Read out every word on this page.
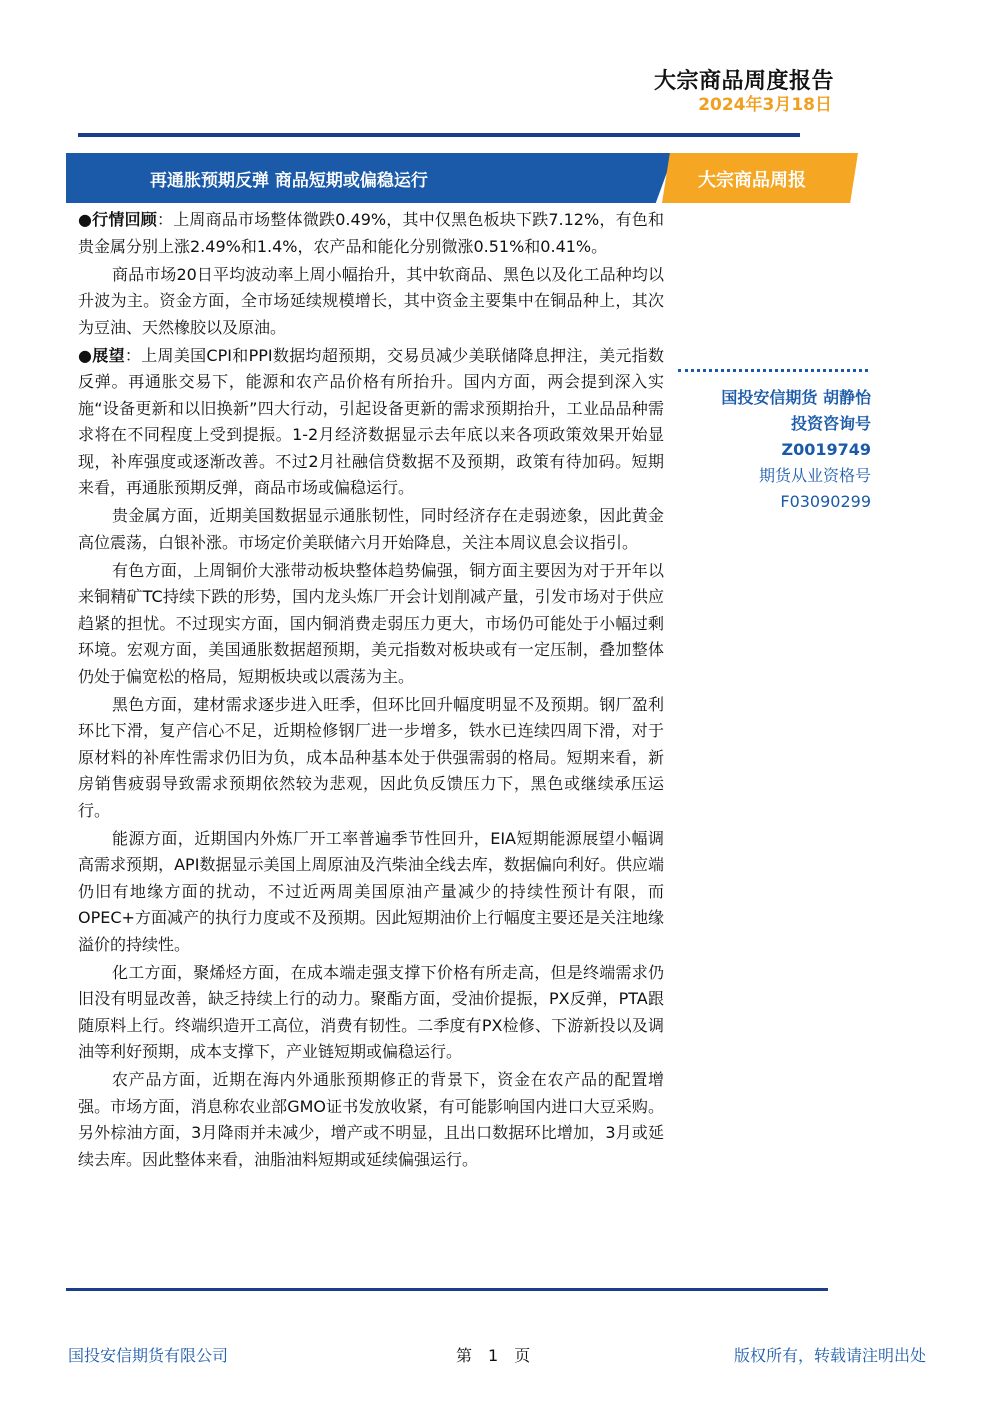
大宗商品周度报告
2024年3月18日
再通胀预期反弹 商品短期或偏稳运行	大宗商品周报

●行情回顾：上周商品市场整体微跌0.49%，其中仅黑色板块下跌7.12%，有色和贵金属分别上涨2.49%和1.4%，农产品和能化分别微涨0.51%和0.41%。

商品市场20日平均波动率上周小幅抬升，其中软商品、黑色以及化工品种均以升波为主。资金方面，全市场延续规模增长，其中资金主要集中在铜品种上，其次为豆油、天然橡胶以及原油。

●展望：上周美国CPI和PPI数据均超预期，交易员减少美联储降息押注，美元指数反弹。再通胀交易下，能源和农产品价格有所抬升。国内方面，两会提到深入实施“设备更新和以旧换新”四大行动，引起设备更新的需求预期抬升，工业品品种需求将在不同程度上受到提振。1-2月经济数据显示去年底以来各项政策效果开始显现，补库强度或逐渐改善。不过2月社融信贷数据不及预期，政策有待加码。短期来看，再通胀预期反弹，商品市场或偏稳运行。

贵金属方面，近期美国数据显示通胀韧性，同时经济存在走弱迹象，因此黄金高位震荡，白银补涨。市场定价美联储六月开始降息，关注本周议息会议指引。

有色方面，上周铜价大涨带动板块整体趋势偏强，铜方面主要因为对于开年以来铜精矿TC持续下跌的形势，国内龙头炼厂开会计划削减产量，引发市场对于供应趋紧的担忧。不过现实方面，国内铜消费走弱压力更大，市场仍可能处于小幅过剩环境。宏观方面，美国通胀数据超预期，美元指数对板块或有一定压制，叠加整体仍处于偏宽松的格局，短期板块或以震荡为主。

黑色方面，建材需求逐步进入旺季，但环比回升幅度明显不及预期。钢厂盈利环比下滑，复产信心不足，近期检修钢厂进一步增多，铁水已连续四周下滑，对于原材料的补库性需求仍旧为负，成本品种基本处于供强需弱的格局。短期来看，新房销售疲弱导致需求预期依然较为悲观，因此负反馈压力下，黑色或继续承压运行。

能源方面，近期国内外炼厂开工率普遍季节性回升，EIA短期能源展望小幅调高需求预期，API数据显示美国上周原油及汽柴油全线去库，数据偏向利好。供应端仍旧有地缘方面的扰动，不过近两周美国原油产量减少的持续性预计有限，而OPEC+方面减产的执行力度或不及预期。因此短期油价上行幅度主要还是关注地缘溢价的持续性。

化工方面，聚烯烃方面，在成本端走强支撑下价格有所走高，但是终端需求仍旧没有明显改善，缺乏持续上行的动力。聚酯方面，受油价提振，PX反弹，PTA跟随原料上行。终端织造开工高位，消费有韧性。二季度有PX检修、下游新投以及调油等利好预期，成本支撑下，产业链短期或偏稳运行。

农产品方面，近期在海内外通胀预期修正的背景下，资金在农产品的配置增强。市场方面，消息称农业部GMO证书发放收紧，有可能影响国内进口大豆采购。另外棕油方面，3月降雨并未减少，增产或不明显，且出口数据环比增加，3月或延续去库。因此整体来看，油脂油料短期或延续偏强运行。

国投安信期货 胡静怡
投资咨询号
Z0019749
期货从业资格号
F03090299
国投安信期货有限公司	第 1 页	版权所有，转载请注明出处
